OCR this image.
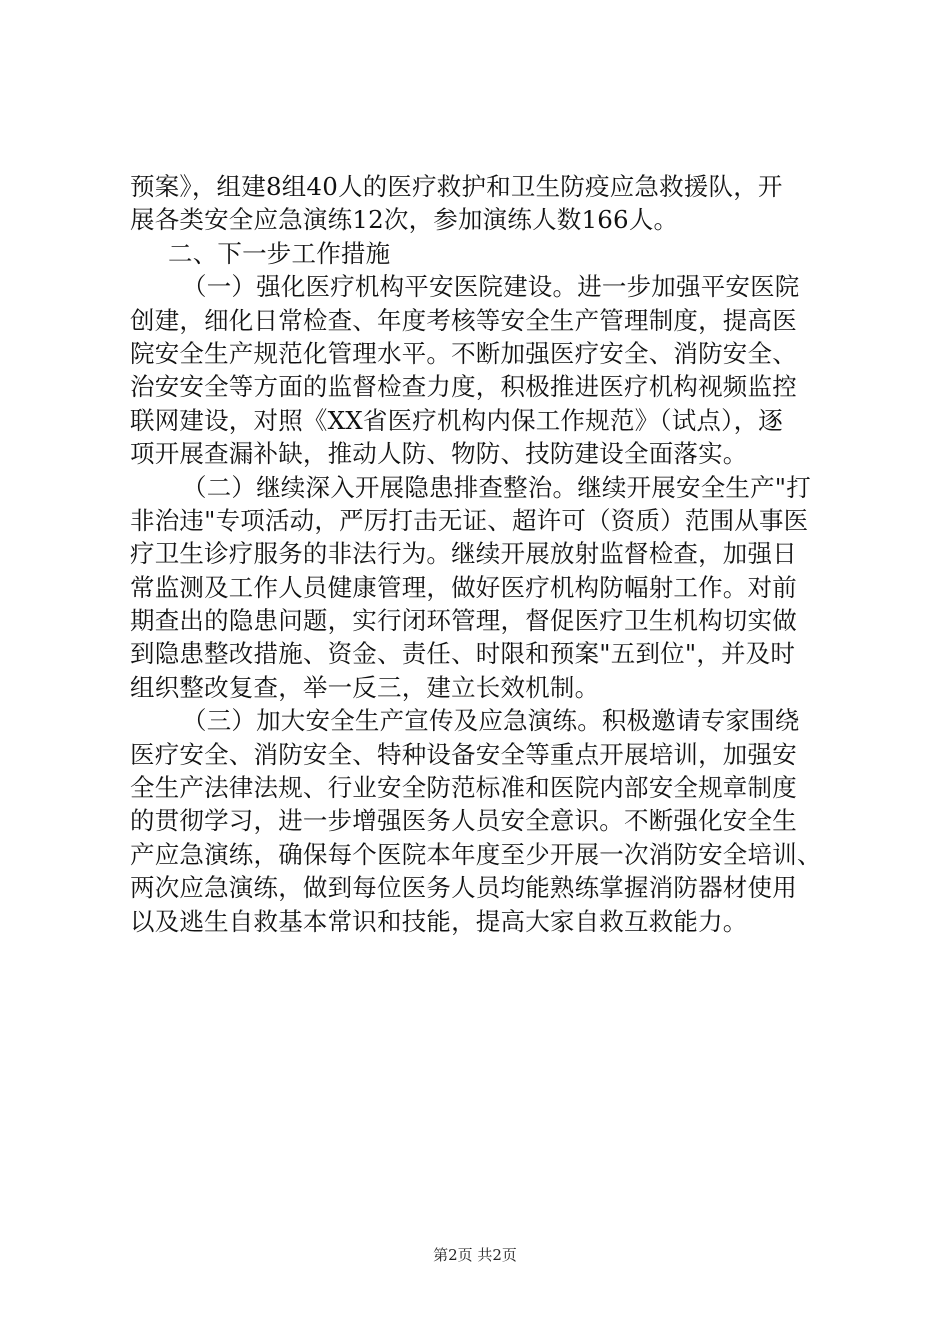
预案》，组建8组40人的医疗救护和卫生防疫应急救援队，开
展各类安全应急演练12次，参加演练人数166人。
二、下一步工作措施
（一）强化医疗机构平安医院建设。进一步加强平安医院
创建，细化日常检查、年度考核等安全生产管理制度，提高医
院安全生产规范化管理水平。不断加强医疗安全、消防安全、
治安安全等方面的监督检查力度，积极推进医疗机构视频监控
联网建设，对照《XX省医疗机构内保工作规范》（试点），逐
项开展查漏补缺，推动人防、物防、技防建设全面落实。
（二）继续深入开展隐患排查整治。继续开展安全生产"打
非治违"专项活动，严厉打击无证、超许可（资质）范围从事医
疗卫生诊疗服务的非法行为。继续开展放射监督检查，加强日
常监测及工作人员健康管理，做好医疗机构防幅射工作。对前
期查出的隐患问题，实行闭环管理，督促医疗卫生机构切实做
到隐患整改措施、资金、责任、时限和预案"五到位"，并及时
组织整改复查，举一反三，建立长效机制。
（三）加大安全生产宣传及应急演练。积极邀请专家围绕
医疗安全、消防安全、特种设备安全等重点开展培训，加强安
全生产法律法规、行业安全防范标准和医院内部安全规章制度
的贯彻学习，进一步增强医务人员安全意识。不断强化安全生
产应急演练，确保每个医院本年度至少开展一次消防安全培训、
两次应急演练，做到每位医务人员均能熟练掌握消防器材使用
以及逃生自救基本常识和技能，提高大家自救互救能力。
第2页 共2页
